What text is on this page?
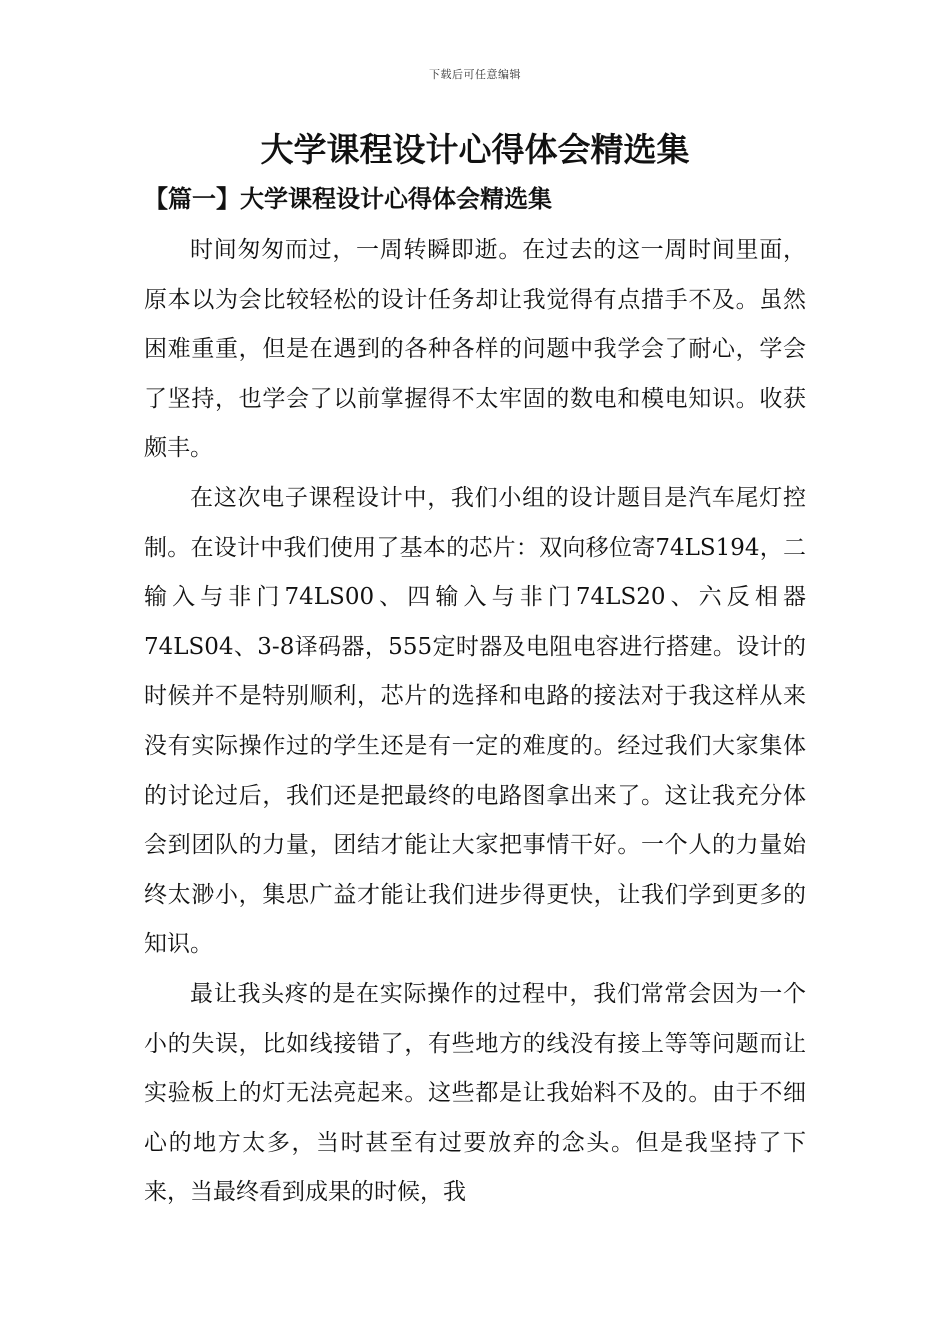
下载后可任意编辑
大学课程设计心得体会精选集
【篇一】大学课程设计心得体会精选集

时间匆匆而过，一周转瞬即逝。在过去的这一周时间里面，原本以为会比较轻松的设计任务却让我觉得有点措手不及。虽然困难重重，但是在遇到的各种各样的问题中我学会了耐心，学会了坚持，也学会了以前掌握得不太牢固的数电和模电知识。收获颇丰。

在这次电子课程设计中，我们小组的设计题目是汽车尾灯控制。在设计中我们使用了基本的芯片：双向移位寄74LS194，二输入与非门74LS00、四输入与非门74LS20、六反相器74LS04、3-8译码器，555定时器及电阻电容进行搭建。设计的时候并不是特别顺利，芯片的选择和电路的接法对于我这样从来没有实际操作过的学生还是有一定的难度的。经过我们大家集体的讨论过后，我们还是把最终的电路图拿出来了。这让我充分体会到团队的力量，团结才能让大家把事情干好。一个人的力量始终太渺小，集思广益才能让我们进步得更快，让我们学到更多的知识。

最让我头疼的是在实际操作的过程中，我们常常会因为一个小的失误，比如线接错了，有些地方的线没有接上等等问题而让实验板上的灯无法亮起来。这些都是让我始料不及的。由于不细心的地方太多，当时甚至有过要放弃的念头。但是我坚持了下来，当最终看到成果的时候，我
